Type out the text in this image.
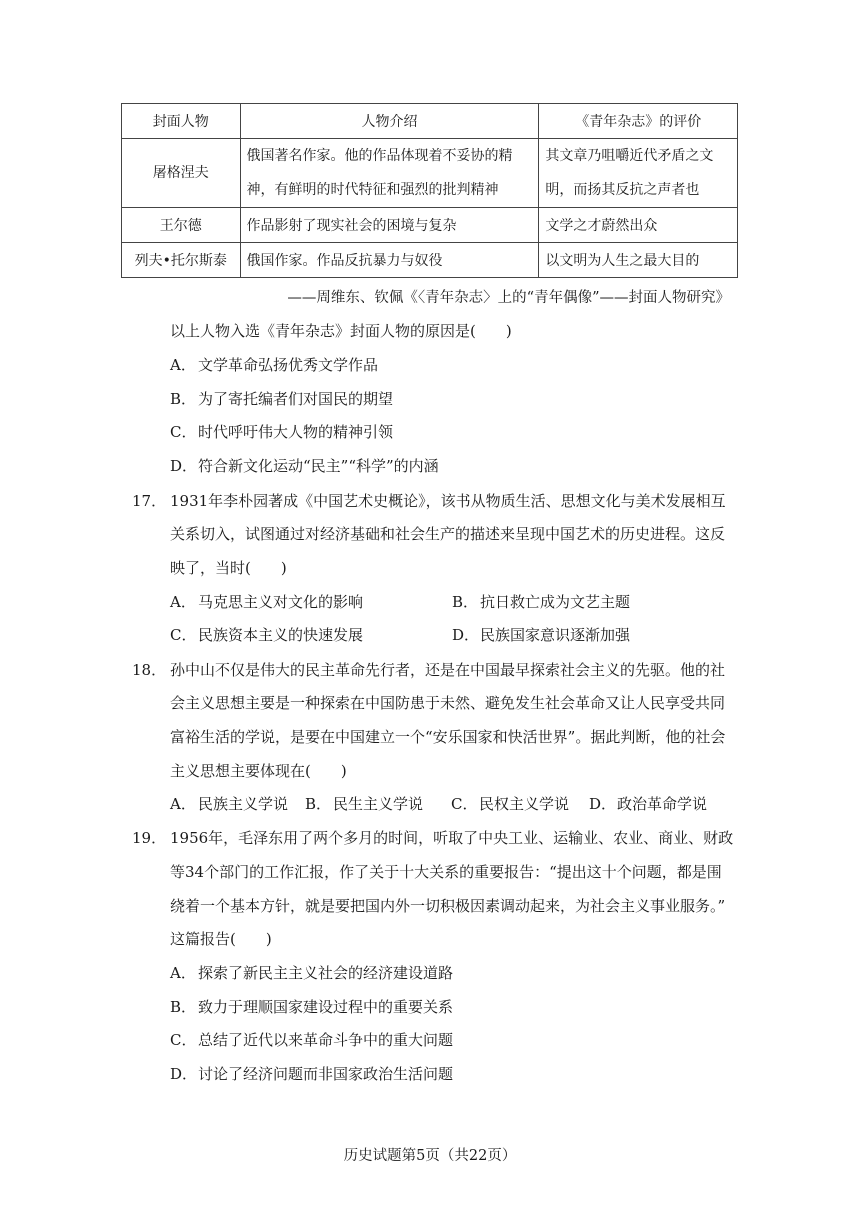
封面人物	人物介绍	《青年杂志》的评价
屠格涅夫	俄国著名作家。他的作品体现着不妥协的精神，有鲜明的时代特征和强烈的批判精神	其文章乃咀嚼近代矛盾之文明，而扬其反抗之声者也
王尔德	作品影射了现实社会的困境与复杂	文学之才蔚然出众
列夫•托尔斯泰	俄国作家。作品反抗暴力与奴役	以文明为人生之最大目的
——周维东、钦佩《〈青年杂志〉上的“青年偶像”——封面人物研究》
以上人物入选《青年杂志》封面人物的原因是(　　)
A． 文学革命弘扬优秀文学作品
B． 为了寄托编者们对国民的期望
C． 时代呼吁伟大人物的精神引领
D．符合新文化运动“民主”“科学”的内涵
17． 1931年李朴园著成《中国艺术史概论》，该书从物质生活、思想文化与美术发展相互
关系切入，试图通过对经济基础和社会生产的描述来呈现中国艺术的历史进程。这反
映了，当时(　　)
A． 马克思主义对文化的影响	B． 抗日救亡成为文艺主题
C． 民族资本主义的快速发展	D．民族国家意识逐渐加强
18． 孙中山不仅是伟大的民主革命先行者，还是在中国最早探索社会主义的先驱。他的社
会主义思想主要是一种探索在中国防患于未然、避免发生社会革命又让人民享受共同
富裕生活的学说，是要在中国建立一个“安乐国家和快活世界”。据此判断，他的社会
主义思想主要体现在(　　)
A． 民族主义学说 B． 民生主义学说 C． 民权主义学说 D．政治革命学说
19． 1956年，毛泽东用了两个多月的时间，听取了中央工业、运输业、农业、商业、财政
等34个部门的工作汇报，作了关于十大关系的重要报告：“提出这十个问题，都是围
绕着一个基本方针，就是要把国内外一切积极因素调动起来，为社会主义事业服务。”
这篇报告(　　)
A． 探索了新民主主义社会的经济建设道路
B． 致力于理顺国家建设过程中的重要关系
C． 总结了近代以来革命斗争中的重大问题
D．讨论了经济问题而非国家政治生活问题
历史试题第5页（共22页）
